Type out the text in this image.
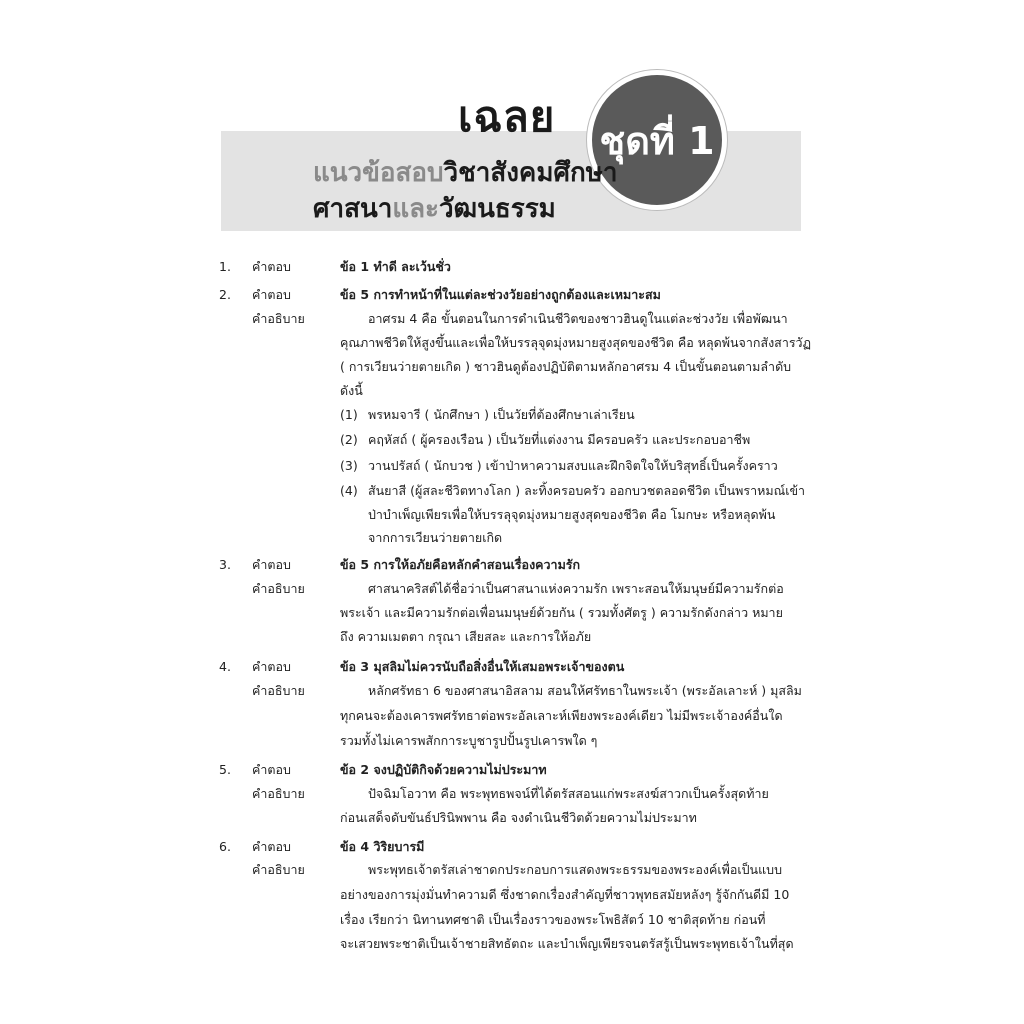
เฉลย ชุดที่ 1
แนวข้อสอบวิชาสังคมศึกษา
ศาสนาและวัฒนธรรม
1. คำตอบ	ข้อ 1 ทำดี ละเว้นชั่ว
2. คำตอบ	ข้อ 5 การทำหน้าที่ในแต่ละช่วงวัยอย่างถูกต้องและเหมาะสม
คำอธิบาย	อาศรม 4 คือ ขั้นตอนในการดำเนินชีวิตของชาวฮินดูในแต่ละช่วงวัย เพื่อพัฒนา
คุณภาพชีวิตให้สูงขึ้นและเพื่อให้บรรลุจุดมุ่งหมายสูงสุดของชีวิต คือ หลุดพ้นจากสังสารวัฏ
( การเวียนว่ายตายเกิด ) ชาวฮินดูต้องปฏิบัติตามหลักอาศรม 4 เป็นขั้นตอนตามลำดับ
ดังนี้
(1) พรหมจารี ( นักศึกษา ) เป็นวัยที่ต้องศึกษาเล่าเรียน
(2) คฤหัสถ์ ( ผู้ครองเรือน ) เป็นวัยที่แต่งงาน มีครอบครัว และประกอบอาชีพ
(3) วานปรัสถ์ ( นักบวช ) เข้าป่าหาความสงบและฝึกจิตใจให้บริสุทธิ์เป็นครั้งคราว
(4) สันยาสี (ผู้สละชีวิตทางโลก ) ละทิ้งครอบครัว ออกบวชตลอดชีวิต เป็นพราหมณ์เข้า
ป่าบำเพ็ญเพียรเพื่อให้บรรลุจุดมุ่งหมายสูงสุดของชีวิต คือ โมกษะ หรือหลุดพ้น
จากการเวียนว่ายตายเกิด
3. คำตอบ	ข้อ 5 การให้อภัยคือหลักคำสอนเรื่องความรัก
คำอธิบาย	ศาสนาคริสต์ได้ชื่อว่าเป็นศาสนาแห่งความรัก เพราะสอนให้มนุษย์มีความรักต่อ
พระเจ้า และมีความรักต่อเพื่อนมนุษย์ด้วยกัน ( รวมทั้งศัตรู ) ความรักดังกล่าว หมาย
ถึง ความเมตตา กรุณา เสียสละ และการให้อภัย
4. คำตอบ	ข้อ 3 มุสลิมไม่ควรนับถือสิ่งอื่นให้เสมอพระเจ้าของตน
คำอธิบาย	หลักศรัทธา 6 ของศาสนาอิสลาม สอนให้ศรัทธาในพระเจ้า (พระอัลเลาะห์ ) มุสลิม
ทุกคนจะต้องเคารพศรัทธาต่อพระอัลเลาะห์เพียงพระองค์เดียว ไม่มีพระเจ้าองค์อื่นใด
รวมทั้งไม่เคารพสักการะบูชารูปปั้นรูปเคารพใด ๆ
5. คำตอบ	ข้อ 2 จงปฏิบัติกิจด้วยความไม่ประมาท
คำอธิบาย	ปัจฉิมโอวาท คือ พระพุทธพจน์ที่ได้ตรัสสอนแก่พระสงฆ์สาวกเป็นครั้งสุดท้าย
ก่อนเสด็จดับขันธ์ปรินิพพาน คือ จงดำเนินชีวิตด้วยความไม่ประมาท
6. คำตอบ	ข้อ 4 วิริยบารมี
คำอธิบาย	พระพุทธเจ้าตรัสเล่าชาดกประกอบการแสดงพระธรรมของพระองค์เพื่อเป็นแบบ
อย่างของการมุ่งมั่นทำความดี ซึ่งชาดกเรื่องสำคัญที่ชาวพุทธสมัยหลังๆ รู้จักกันดีมี 10
เรื่อง เรียกว่า นิทานทศชาติ เป็นเรื่องราวของพระโพธิสัตว์ 10 ชาติสุดท้าย ก่อนที่
จะเสวยพระชาติเป็นเจ้าชายสิทธัตถะ และบำเพ็ญเพียรจนตรัสรู้เป็นพระพุทธเจ้าในที่สุด
